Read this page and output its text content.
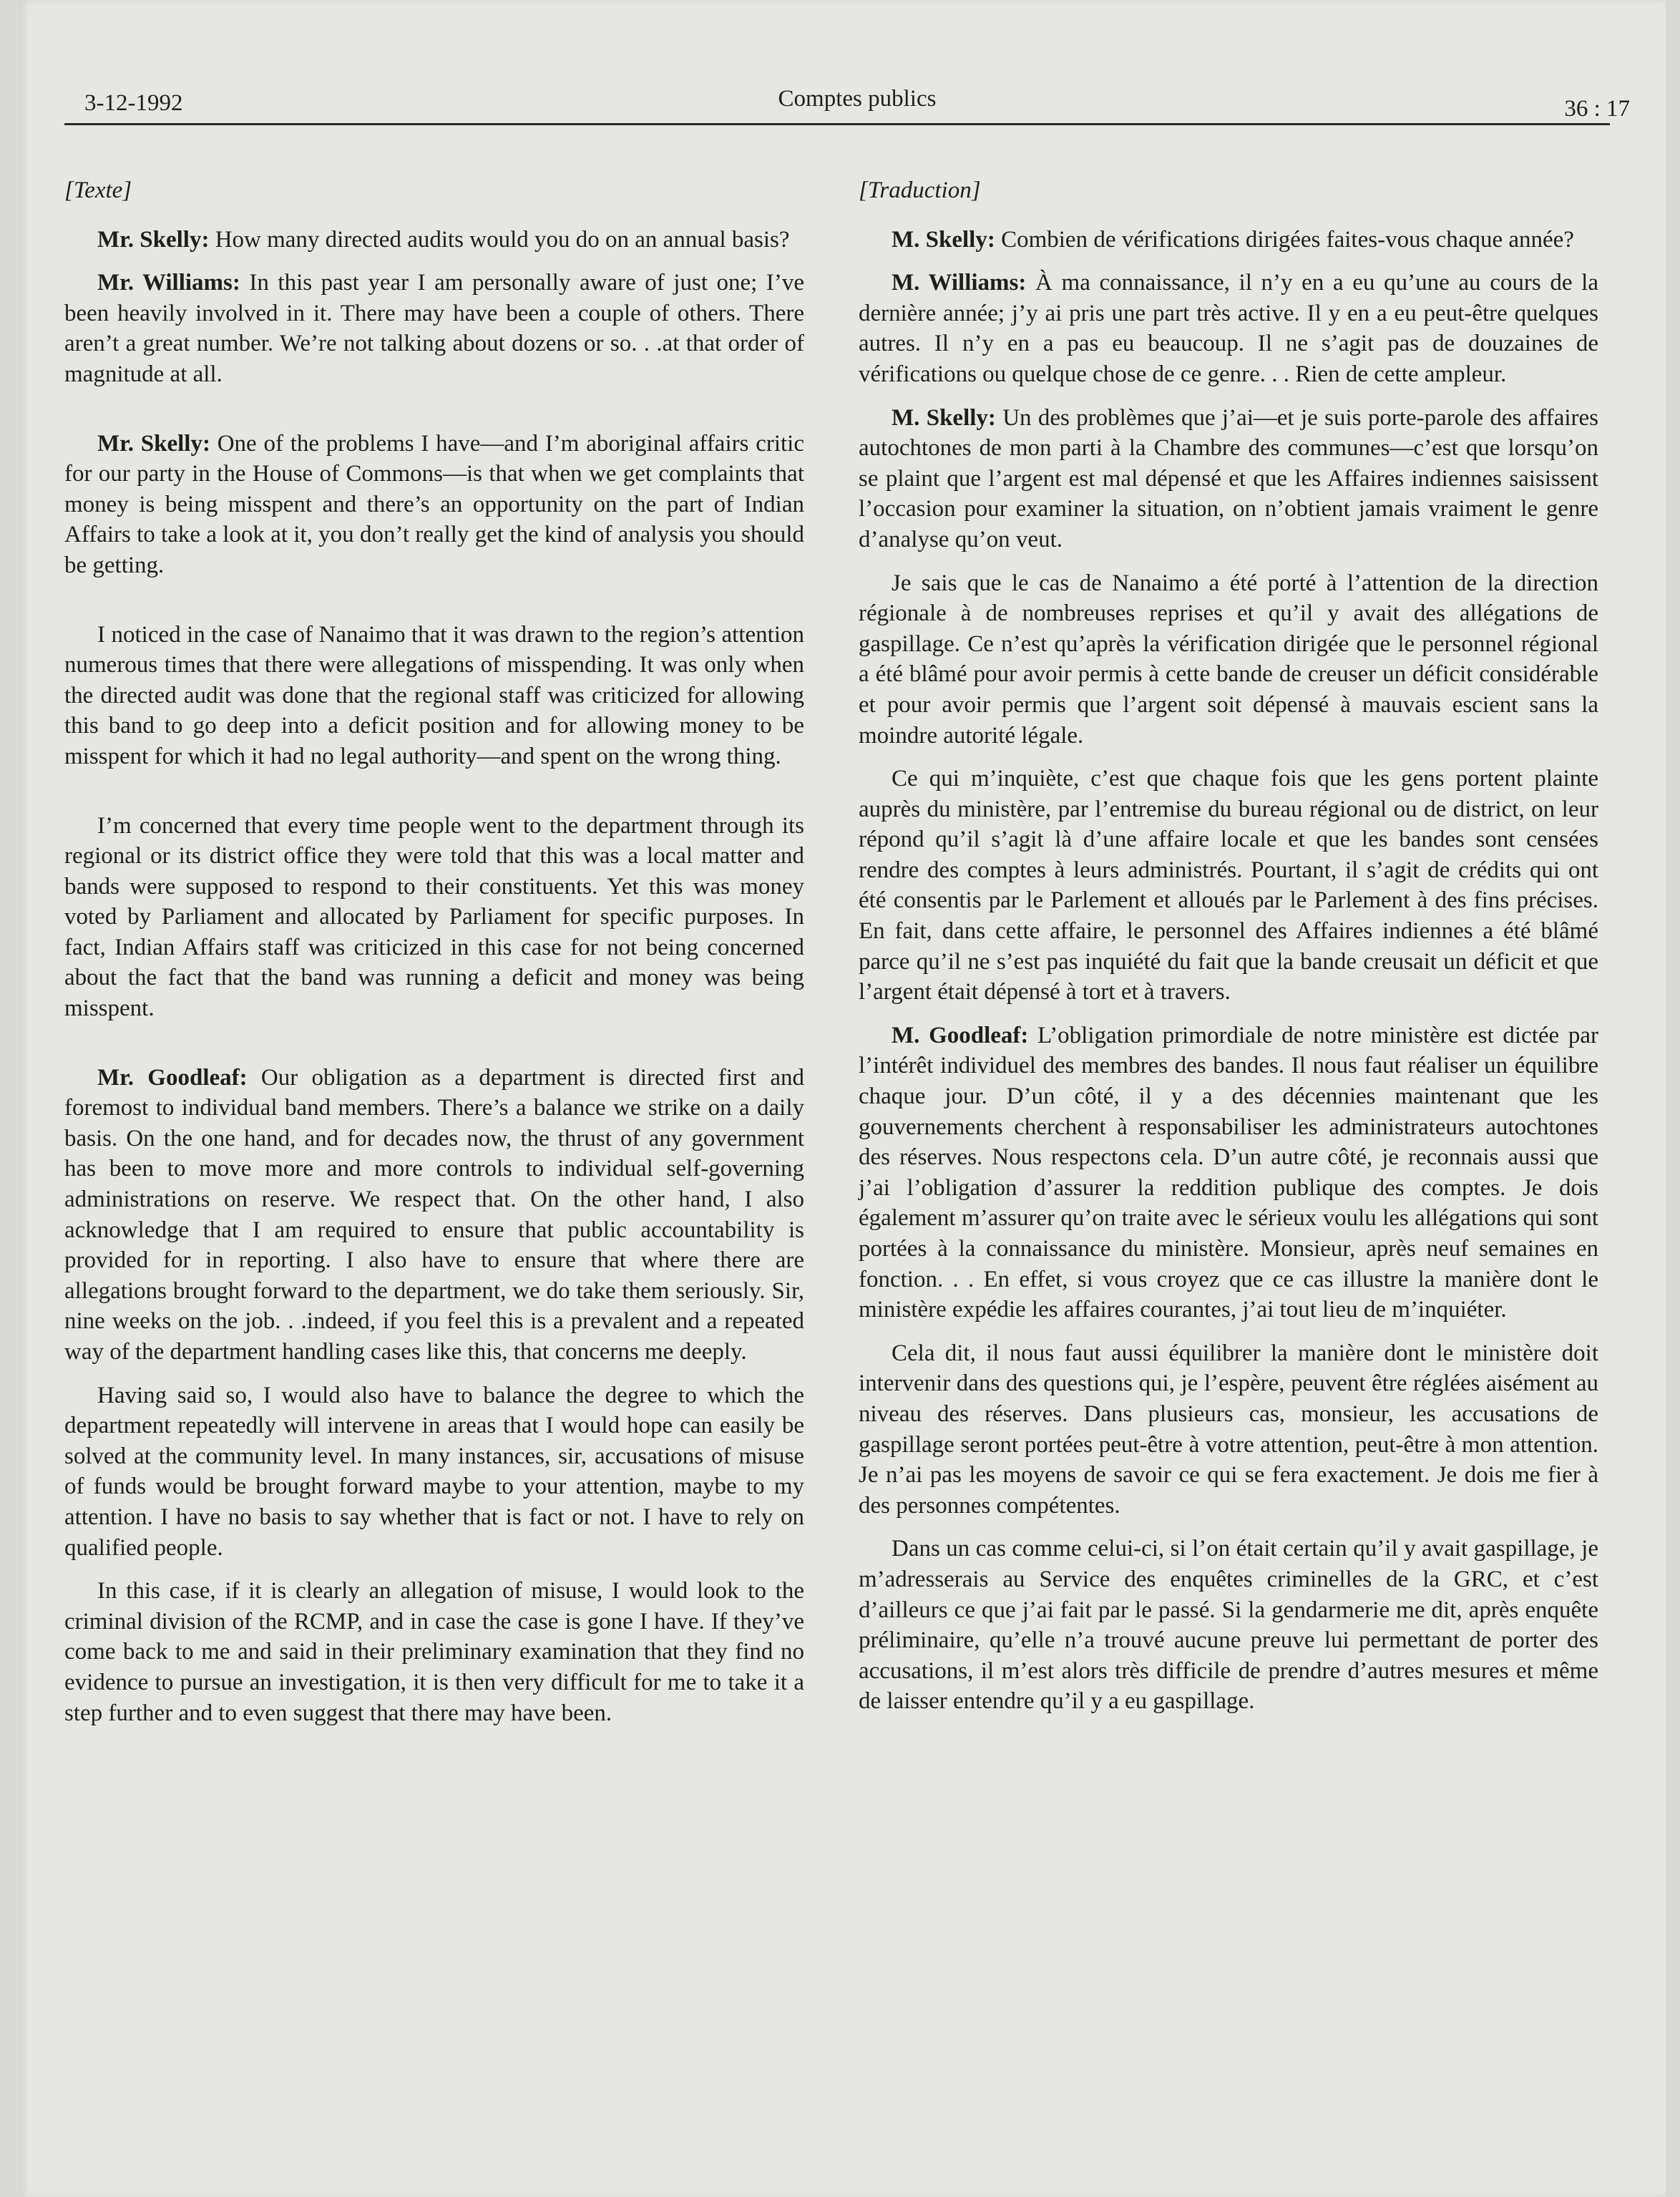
3-12-1992	Comptes publics	36 : 17

[Texte]

Mr. Skelly: How many directed audits would you do on an annual basis?

Mr. Williams: In this past year I am personally aware of just one; I’ve been heavily involved in it. There may have been a couple of others. There aren’t a great number. We’re not talking about dozens or so. . .at that order of magnitude at all.

Mr. Skelly: One of the problems I have—and I’m aboriginal affairs critic for our party in the House of Commons—is that when we get complaints that money is being misspent and there’s an opportunity on the part of Indian Affairs to take a look at it, you don’t really get the kind of analysis you should be getting.

I noticed in the case of Nanaimo that it was drawn to the region’s attention numerous times that there were allegations of misspending. It was only when the directed audit was done that the regional staff was criticized for allowing this band to go deep into a deficit position and for allowing money to be misspent for which it had no legal authority—and spent on the wrong thing.

I’m concerned that every time people went to the department through its regional or its district office they were told that this was a local matter and bands were supposed to respond to their constituents. Yet this was money voted by Parliament and allocated by Parliament for specific purposes. In fact, Indian Affairs staff was criticized in this case for not being concerned about the fact that the band was running a deficit and money was being misspent.

Mr. Goodleaf: Our obligation as a department is directed first and foremost to individual band members. There’s a balance we strike on a daily basis. On the one hand, and for decades now, the thrust of any government has been to move more and more controls to individual self-governing administrations on reserve. We respect that. On the other hand, I also acknowledge that I am required to ensure that public accountability is provided for in reporting. I also have to ensure that where there are allegations brought forward to the department, we do take them seriously. Sir, nine weeks on the job. . .indeed, if you feel this is a prevalent and a repeated way of the department handling cases like this, that concerns me deeply.

Having said so, I would also have to balance the degree to which the department repeatedly will intervene in areas that I would hope can easily be solved at the community level. In many instances, sir, accusations of misuse of funds would be brought forward maybe to your attention, maybe to my attention. I have no basis to say whether that is fact or not. I have to rely on qualified people.

In this case, if it is clearly an allegation of misuse, I would look to the criminal division of the RCMP, and in case the case is gone I have. If they’ve come back to me and said in their preliminary examination that they find no evidence to pursue an investigation, it is then very difficult for me to take it a step further and to even suggest that there may have been.

[Traduction]

M. Skelly: Combien de vérifications dirigées faites-vous chaque année?

M. Williams: À ma connaissance, il n’y en a eu qu’une au cours de la dernière année; j’y ai pris une part très active. Il y en a eu peut-être quelques autres. Il n’y en a pas eu beaucoup. Il ne s’agit pas de douzaines de vérifications ou quelque chose de ce genre. . . Rien de cette ampleur.

M. Skelly: Un des problèmes que j’ai—et je suis porte-parole des affaires autochtones de mon parti à la Chambre des communes—c’est que lorsqu’on se plaint que l’argent est mal dépensé et que les Affaires indiennes saisissent l’occasion pour examiner la situation, on n’obtient jamais vraiment le genre d’analyse qu’on veut.

Je sais que le cas de Nanaimo a été porté à l’attention de la direction régionale à de nombreuses reprises et qu’il y avait des allégations de gaspillage. Ce n’est qu’après la vérification dirigée que le personnel régional a été blâmé pour avoir permis à cette bande de creuser un déficit considérable et pour avoir permis que l’argent soit dépensé à mauvais escient sans la moindre autorité légale.

Ce qui m’inquiète, c’est que chaque fois que les gens portent plainte auprès du ministère, par l’entremise du bureau régional ou de district, on leur répond qu’il s’agit là d’une affaire locale et que les bandes sont censées rendre des comptes à leurs administrés. Pourtant, il s’agit de crédits qui ont été consentis par le Parlement et alloués par le Parlement à des fins précises. En fait, dans cette affaire, le personnel des Affaires indiennes a été blâmé parce qu’il ne s’est pas inquiété du fait que la bande creusait un déficit et que l’argent était dépensé à tort et à travers.

M. Goodleaf: L’obligation primordiale de notre ministère est dictée par l’intérêt individuel des membres des bandes. Il nous faut réaliser un équilibre chaque jour. D’un côté, il y a des décennies maintenant que les gouvernements cherchent à responsabiliser les administrateurs autochtones des réserves. Nous respectons cela. D’un autre côté, je reconnais aussi que j’ai l’obligation d’assurer la reddition publique des comptes. Je dois également m’assurer qu’on traite avec le sérieux voulu les allégations qui sont portées à la connaissance du ministère. Monsieur, après neuf semaines en fonction. . . En effet, si vous croyez que ce cas illustre la manière dont le ministère expédie les affaires courantes, j’ai tout lieu de m’inquiéter.

Cela dit, il nous faut aussi équilibrer la manière dont le ministère doit intervenir dans des questions qui, je l’espère, peuvent être réglées aisément au niveau des réserves. Dans plusieurs cas, monsieur, les accusations de gaspillage seront portées peut-être à votre attention, peut-être à mon attention. Je n’ai pas les moyens de savoir ce qui se fera exactement. Je dois me fier à des personnes compétentes.

Dans un cas comme celui-ci, si l’on était certain qu’il y avait gaspillage, je m’adresserais au Service des enquêtes criminelles de la GRC, et c’est d’ailleurs ce que j’ai fait par le passé. Si la gendarmerie me dit, après enquête préliminaire, qu’elle n’a trouvé aucune preuve lui permettant de porter des accusations, il m’est alors très difficile de prendre d’autres mesures et même de laisser entendre qu’il y a eu gaspillage.
